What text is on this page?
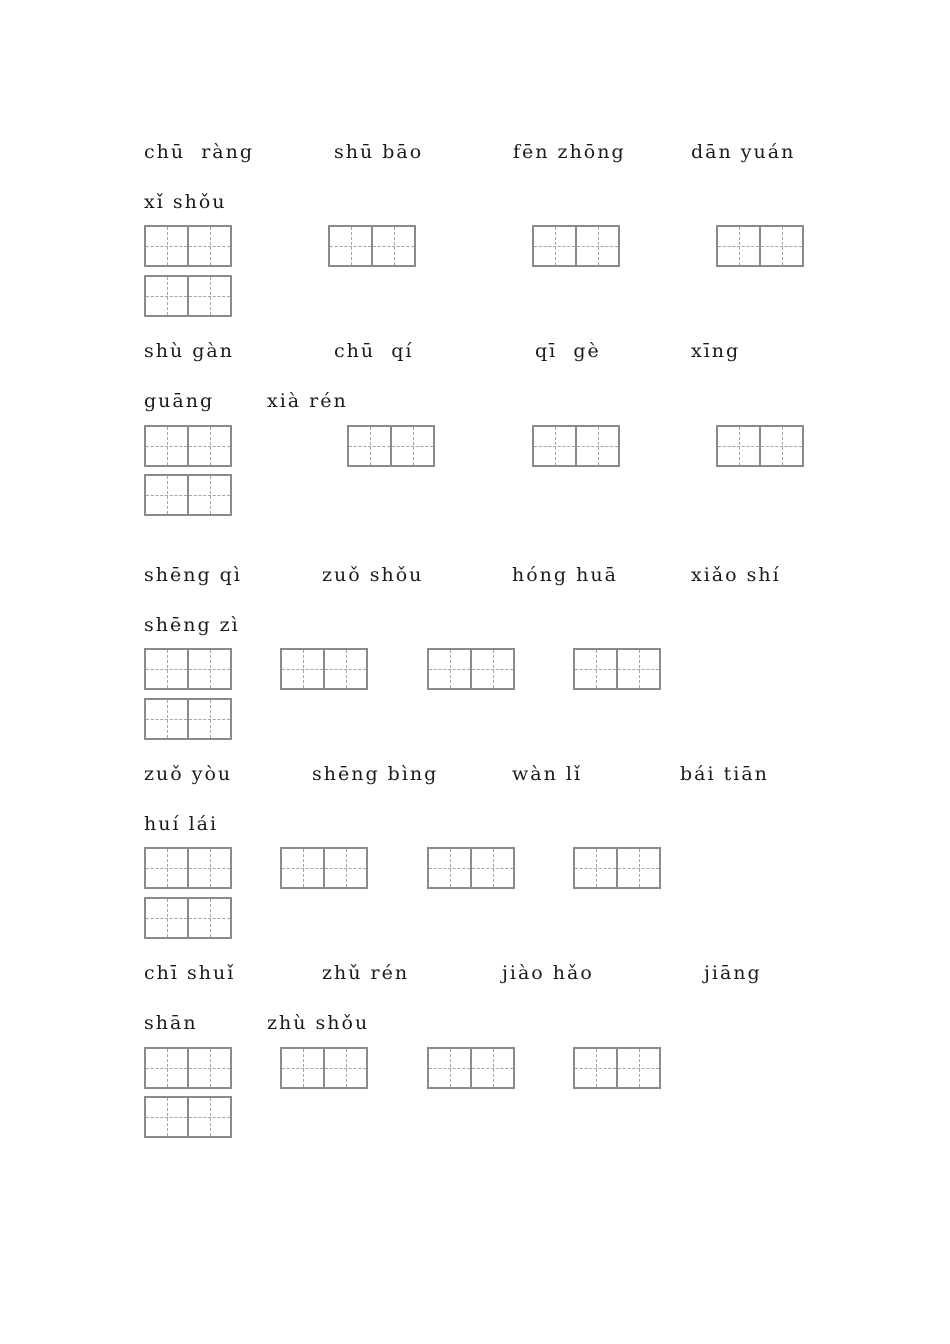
chū  ràng	shū bāo	fēn zhōng	dān yuán
xǐ shǒu
shù gàn	chū  qí	qī  gè	xīng
guāng	xià rén
shēng qì	zuǒ shǒu	hóng huā	xiǎo shí
shēng zì
zuǒ yòu	shēng bìng	wàn lǐ	bái tiān
huí lái
chī shuǐ	zhǔ rén	jiào hǎo	jiāng
shān	zhù shǒu
